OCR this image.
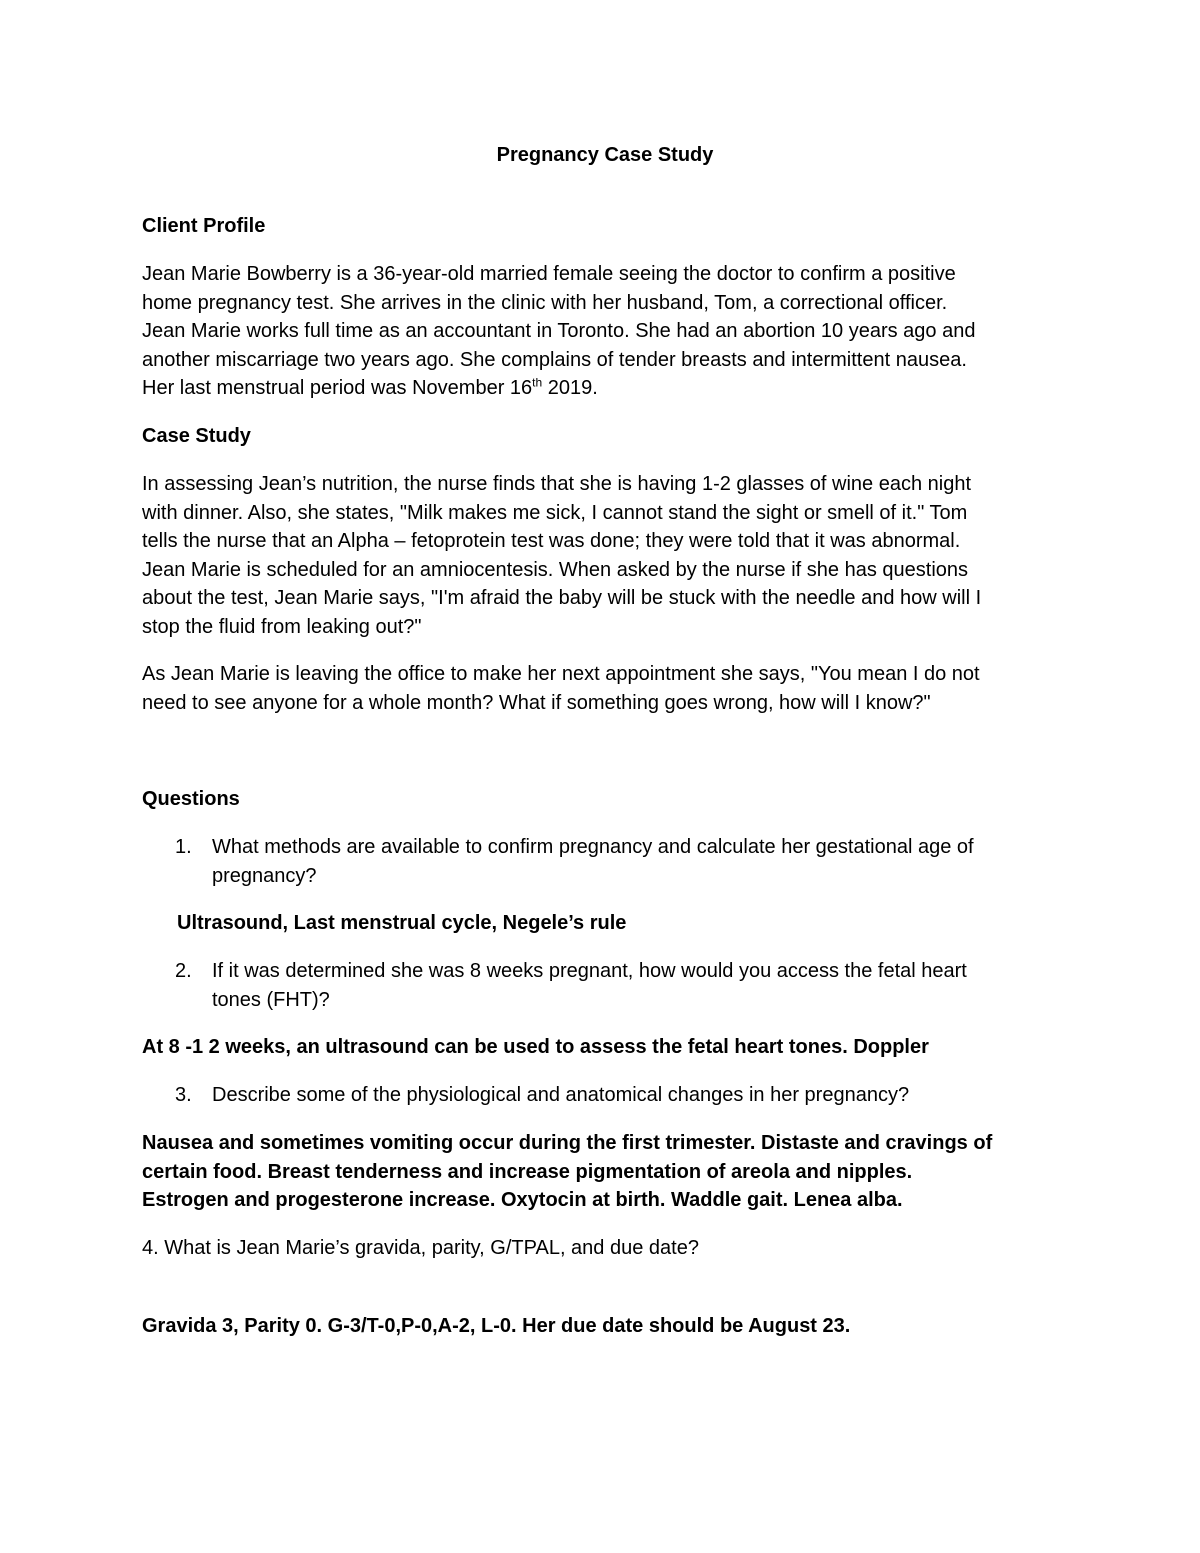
Pregnancy Case Study
Client Profile
Jean Marie Bowberry is a 36-year-old married female seeing the doctor to confirm a positive
home pregnancy test. She arrives in the clinic with her husband, Tom, a correctional officer.
Jean Marie works full time as an accountant in Toronto. She had an abortion 10 years ago and
another miscarriage two years ago. She complains of tender breasts and intermittent nausea.
Her last menstrual period was November 16th 2019.
Case Study
In assessing Jean’s nutrition, the nurse finds that she is having 1-2 glasses of wine each night
with dinner. Also, she states, "Milk makes me sick, I cannot stand the sight or smell of it." Tom
tells the nurse that an Alpha – fetoprotein test was done; they were told that it was abnormal.
Jean Marie is scheduled for an amniocentesis. When asked by the nurse if she has questions
about the test, Jean Marie says, "I'm afraid the baby will be stuck with the needle and how will I
stop the fluid from leaking out?"
As Jean Marie is leaving the office to make her next appointment she says, "You mean I do not
need to see anyone for a whole month? What if something goes wrong, how will I know?"
Questions
1. What methods are available to confirm pregnancy and calculate her gestational age of
pregnancy?
Ultrasound, Last menstrual cycle, Negele’s rule
2. If it was determined she was 8 weeks pregnant, how would you access the fetal heart
tones (FHT)?
At 8 -1 2 weeks, an ultrasound can be used to assess the fetal heart tones. Doppler
3. Describe some of the physiological and anatomical changes in her pregnancy?
Nausea and sometimes vomiting occur during the first trimester. Distaste and cravings of
certain food. Breast tenderness and increase pigmentation of areola and nipples.
Estrogen and progesterone increase. Oxytocin at birth. Waddle gait. Lenea alba.
4. What is Jean Marie’s gravida, parity, G/TPAL, and due date?
Gravida 3, Parity 0. G-3/T-0,P-0,A-2, L-0. Her due date should be August 23.
